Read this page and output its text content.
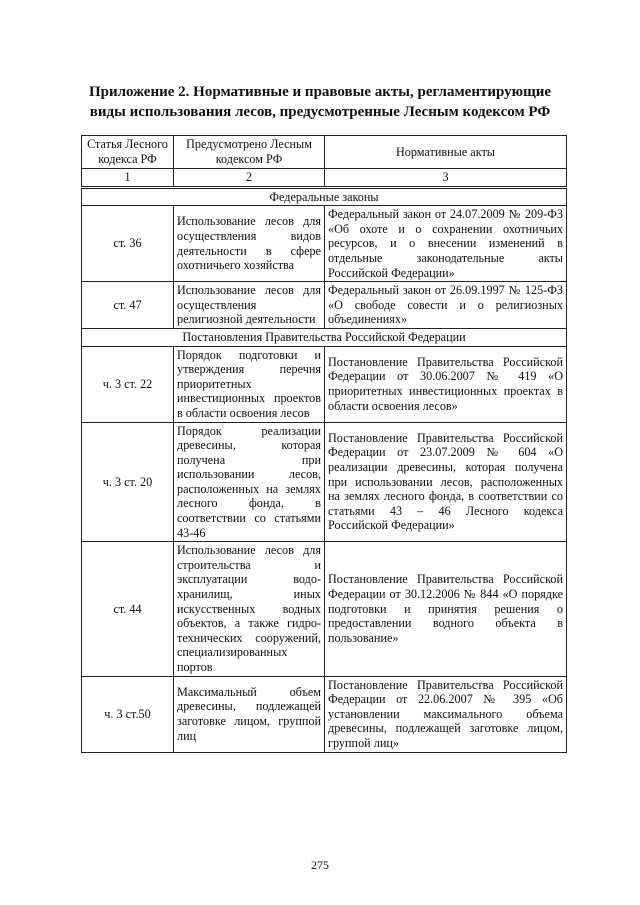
Приложение 2. Нормативные и правовые акты, регламентирующие
виды использования лесов, предусмотренные Лесным кодексом РФ
Статья Лесного кодекса РФ	Предусмотрено Лесным кодексом РФ	Нормативные акты
1	2	3
Федеральные законы		
ст. 36	Использование лесов для осуществления видов деятельности в сфере охотничьего хозяйства	Федеральный закон от 24.07.2009 № 209-ФЗ «Об охоте и о сохранении охотничьих ресурсов, и о внесении изменений в отдельные законодательные акты Российской Федерации»
ст. 47	Использование лесов для осуществления религиозной деятельности	Федеральный закон от 26.09.1997 № 125-ФЗ «О свободе совести и о религиозных объединениях»
Постановления Правительства Российской Федерации		
ч. 3 ст. 22	Порядок подготовки и утверждения перечня приоритетных инвестиционных проектов в области освоения лесов	Постановление Правительства Российской Федерации от 30.06.2007 № 419 «О приоритетных инвестиционных проектах в области освоения лесов»
ч. 3 ст. 20	Порядок реализации древесины, которая получена при использовании лесов, расположенных на землях лесного фонда, в соответствии со статьями 43-46	Постановление Правительства Российской Федерации от 23.07.2009 № 604 «О реализации древесины, которая получена при использовании лесов, расположенных на землях лесного фонда, в соответствии со статьями 43 – 46 Лесного кодекса Российской Федерации»
ст. 44	Использование лесов для строительства и эксплуатации водо-хранилищ, иных искусственных водных объектов, а также гидро-технических сооружений, специализированных портов	Постановление Правительства Российской Федерации от 30.12.2006 № 844 «О порядке подготовки и принятия решения о предоставлении водного объекта в пользование»
ч. 3 ст.50	Максимальный объем древесины, подлежащей заготовке лицом, группой лиц	Постановление Правительства Российской Федерации от 22.06.2007 № 395 «Об установлении максимального объема древесины, подлежащей заготовке лицом, группой лиц»
275
